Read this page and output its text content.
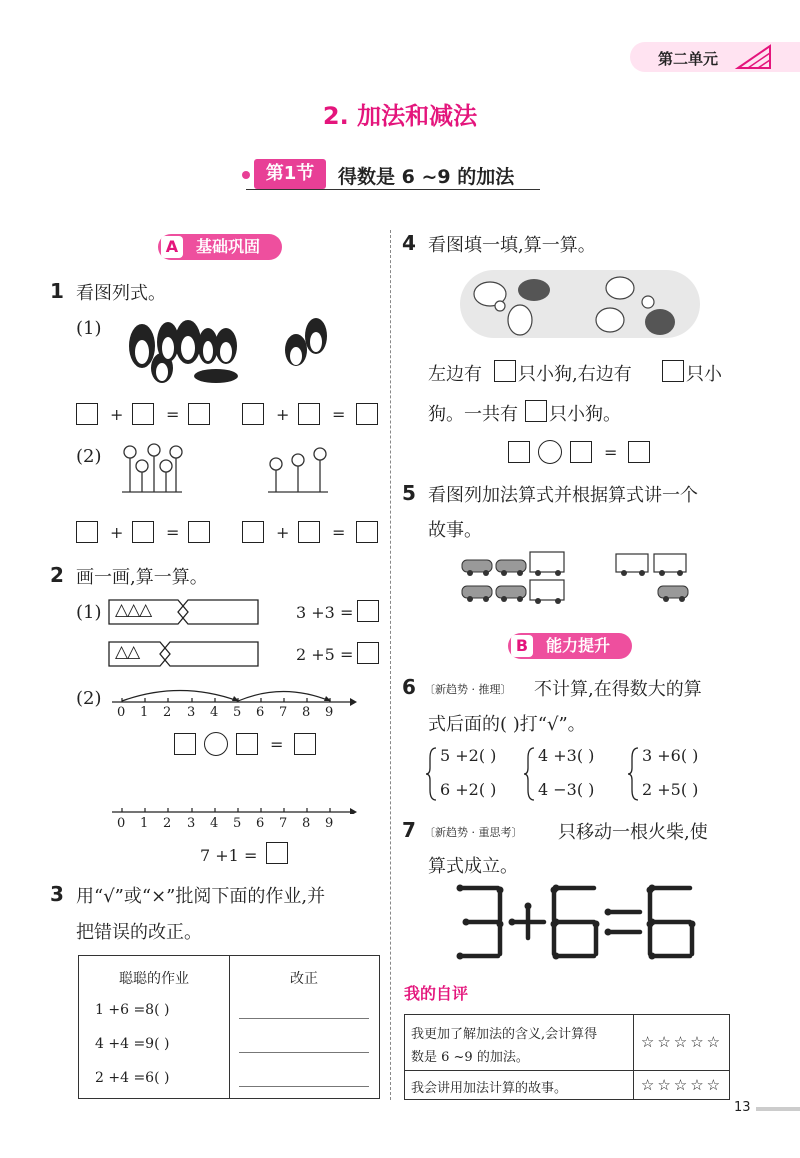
第二单元
2. 加法和减法
第1节	得数是 6 ~9 的加法
A	基础巩固
1 看图列式。
(1)
+	=	+	=
(2)
+	=	+	=
2 画一画,算一算。
(1) △△△
△△
3 +3 =
2 +5 =
(2)
0 1 2 3 4 5 6 7 8 9
=
0 1 2 3 4 5 6 7 8 9
7 +1 =
3 用“√”或“×”批阅下面的作业,并
把错误的改正。
聪聪的作业	改正
1 +6 =8( )
4 +4 =9( )
2 +4 =6( )
4 看图填一填,算一算。
左边有 只小狗,右边有	只小
狗。一共有 只小狗。
=
5 看图列加法算式并根据算式讲一个
故事。
B	能力提升
6 〔新趋势 · 推理〕 不计算,在得数大的算
式后面的( )打“√”。
5 +2( )
6 +2( )
4 +3( )
4 −3( )
3 +6( )
2 +5( )
7 〔新趋势 · 重思考〕 只移动一根火柴,使
算式成立。
我的自评
我更加了解加法的含义,会计算得
数是 6 ~9 的加法。
☆☆☆☆☆
我会讲用加法计算的故事。	☆☆☆☆☆
13
